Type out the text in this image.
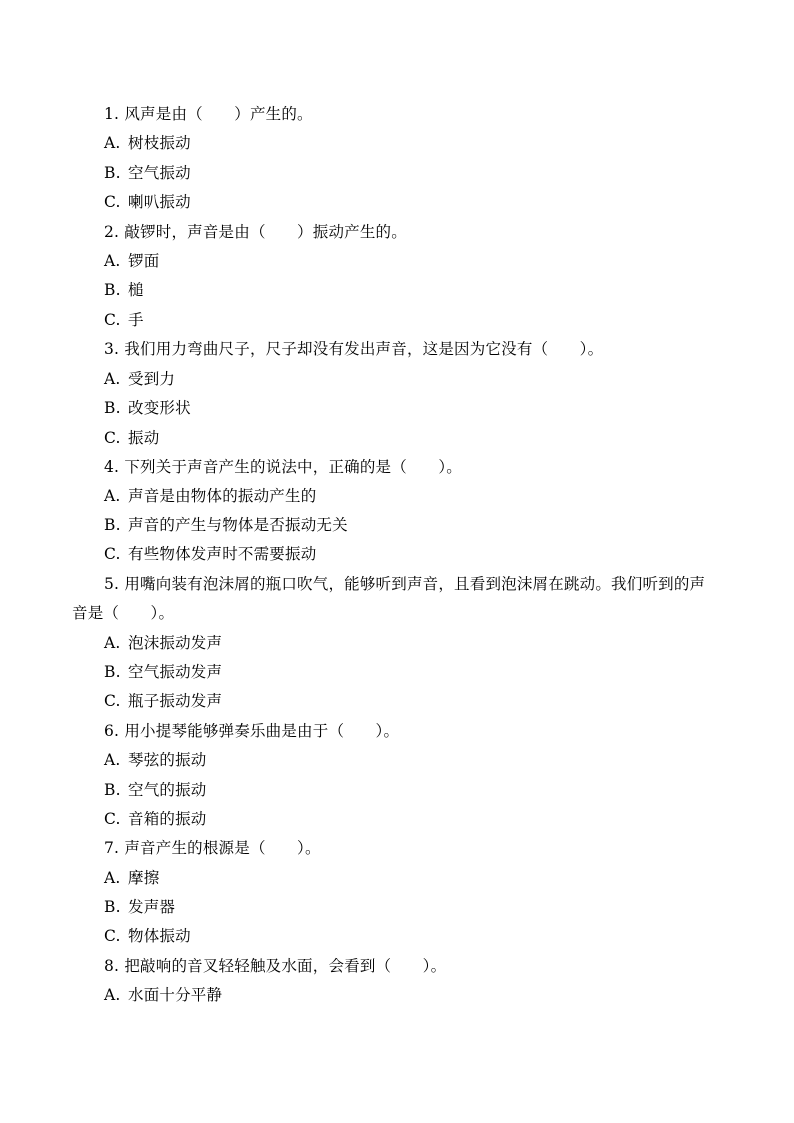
1. 风声是由（　　）产生的。
A. 树枝振动
B. 空气振动
C. 喇叭振动
2. 敲锣时，声音是由（　　）振动产生的。
A. 锣面
B. 槌
C. 手
3. 我们用力弯曲尺子，尺子却没有发出声音，这是因为它没有（　　）。
A. 受到力
B. 改变形状
C. 振动
4. 下列关于声音产生的说法中，正确的是（　　）。
A. 声音是由物体的振动产生的
B. 声音的产生与物体是否振动无关
C. 有些物体发声时不需要振动
5. 用嘴向装有泡沫屑的瓶口吹气，能够听到声音，且看到泡沫屑在跳动。我们听到的声
音是（　　）。
A. 泡沫振动发声
B. 空气振动发声
C. 瓶子振动发声
6. 用小提琴能够弹奏乐曲是由于（　　）。
A. 琴弦的振动
B. 空气的振动
C. 音箱的振动
7. 声音产生的根源是（　　）。
A. 摩擦
B. 发声器
C. 物体振动
8. 把敲响的音叉轻轻触及水面，会看到（　　）。
A. 水面十分平静
